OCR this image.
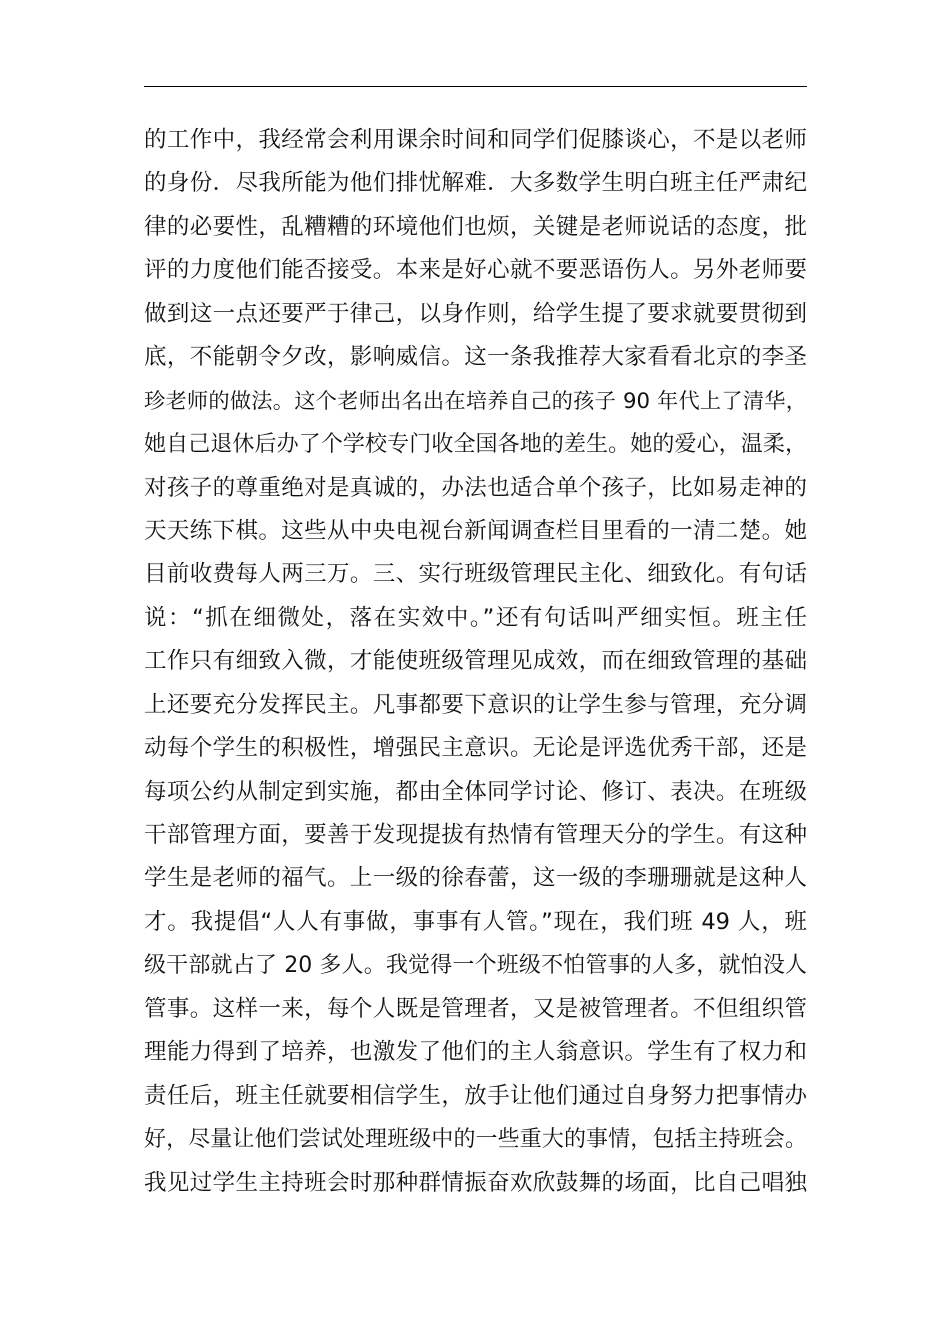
的工作中，我经常会利用课余时间和同学们促膝谈心，不是以老师
的身份．尽我所能为他们排忧解难．大多数学生明白班主任严肃纪
律的必要性，乱糟糟的环境他们也烦，关键是老师说话的态度，批
评的力度他们能否接受。本来是好心就不要恶语伤人。另外老师要
做到这一点还要严于律己，以身作则，给学生提了要求就要贯彻到
底，不能朝令夕改，影响威信。这一条我推荐大家看看北京的李圣
珍老师的做法。这个老师出名出在培养自己的孩子 90 年代上了清华，
她自己退休后办了个学校专门收全国各地的差生。她的爱心，温柔，
对孩子的尊重绝对是真诚的，办法也适合单个孩子，比如易走神的
天天练下棋。这些从中央电视台新闻调查栏目里看的一清二楚。她
目前收费每人两三万。三、实行班级管理民主化、细致化。有句话
说：“抓在细微处，落在实效中。”还有句话叫严细实恒。班主任
工作只有细致入微，才能使班级管理见成效，而在细致管理的基础
上还要充分发挥民主。凡事都要下意识的让学生参与管理，充分调
动每个学生的积极性，增强民主意识。无论是评选优秀干部，还是
每项公约从制定到实施，都由全体同学讨论、修订、表决。在班级
干部管理方面，要善于发现提拔有热情有管理天分的学生。有这种
学生是老师的福气。上一级的徐春蕾，这一级的李珊珊就是这种人
才。我提倡“人人有事做，事事有人管。”现在，我们班 49 人，班
级干部就占了 20 多人。我觉得一个班级不怕管事的人多，就怕没人
管事。这样一来，每个人既是管理者，又是被管理者。不但组织管
理能力得到了培养，也激发了他们的主人翁意识。学生有了权力和
责任后，班主任就要相信学生，放手让他们通过自身努力把事情办
好，尽量让他们尝试处理班级中的一些重大的事情，包括主持班会。
我见过学生主持班会时那种群情振奋欢欣鼓舞的场面，比自己唱独
